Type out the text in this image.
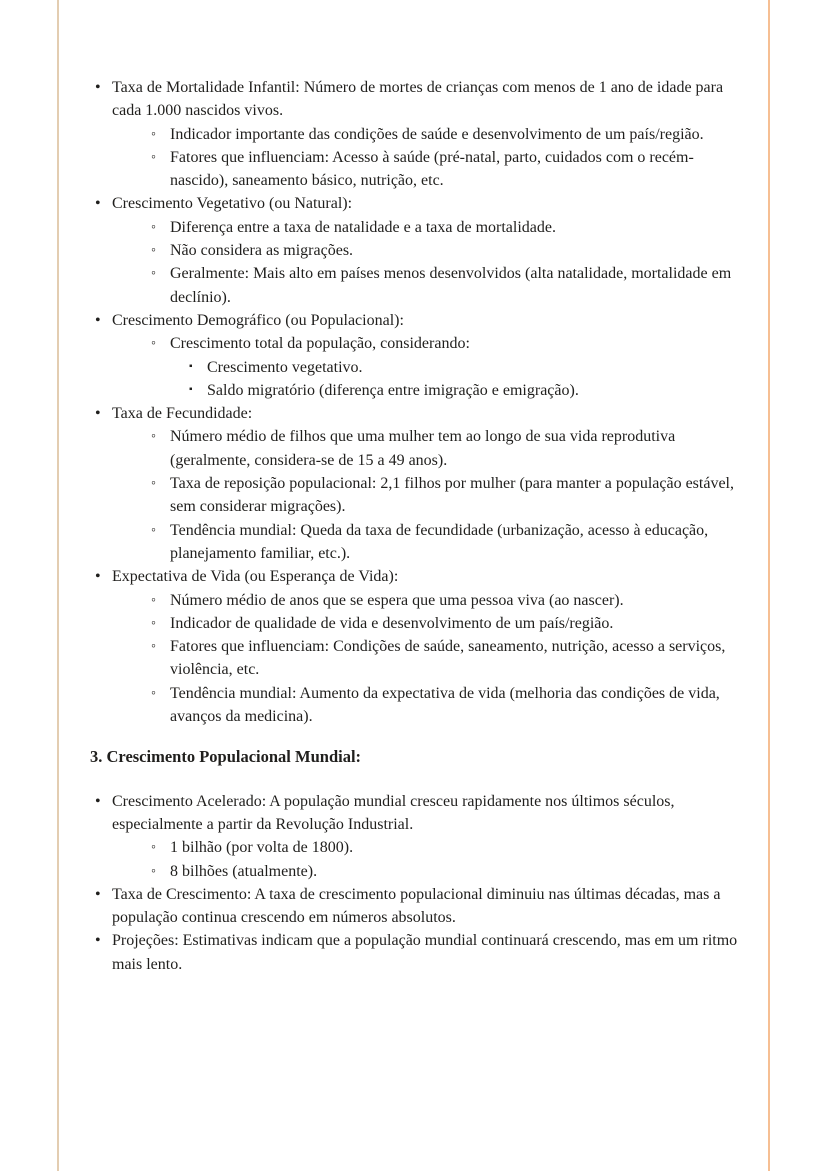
• Taxa de Mortalidade Infantil: Número de mortes de crianças com menos de 1 ano de idade para cada 1.000 nascidos vivos.
◦ Indicador importante das condições de saúde e desenvolvimento de um país/região.
◦ Fatores que influenciam: Acesso à saúde (pré-natal, parto, cuidados com o recém-nascido), saneamento básico, nutrição, etc.
• Crescimento Vegetativo (ou Natural):
◦ Diferença entre a taxa de natalidade e a taxa de mortalidade.
◦ Não considera as migrações.
◦ Geralmente: Mais alto em países menos desenvolvidos (alta natalidade, mortalidade em declínio).
• Crescimento Demográfico (ou Populacional):
◦ Crescimento total da população, considerando:
▪ Crescimento vegetativo.
▪ Saldo migratório (diferença entre imigração e emigração).
• Taxa de Fecundidade:
◦ Número médio de filhos que uma mulher tem ao longo de sua vida reprodutiva (geralmente, considera-se de 15 a 49 anos).
◦ Taxa de reposição populacional: 2,1 filhos por mulher (para manter a população estável, sem considerar migrações).
◦ Tendência mundial: Queda da taxa de fecundidade (urbanização, acesso à educação, planejamento familiar, etc.).
• Expectativa de Vida (ou Esperança de Vida):
◦ Número médio de anos que se espera que uma pessoa viva (ao nascer).
◦ Indicador de qualidade de vida e desenvolvimento de um país/região.
◦ Fatores que influenciam: Condições de saúde, saneamento, nutrição, acesso a serviços, violência, etc.
◦ Tendência mundial: Aumento da expectativa de vida (melhoria das condições de vida, avanços da medicina).
3. Crescimento Populacional Mundial:
• Crescimento Acelerado: A população mundial cresceu rapidamente nos últimos séculos, especialmente a partir da Revolução Industrial.
◦ 1 bilhão (por volta de 1800).
◦ 8 bilhões (atualmente).
• Taxa de Crescimento: A taxa de crescimento populacional diminuiu nas últimas décadas, mas a população continua crescendo em números absolutos.
• Projeções: Estimativas indicam que a população mundial continuará crescendo, mas em um ritmo mais lento.
